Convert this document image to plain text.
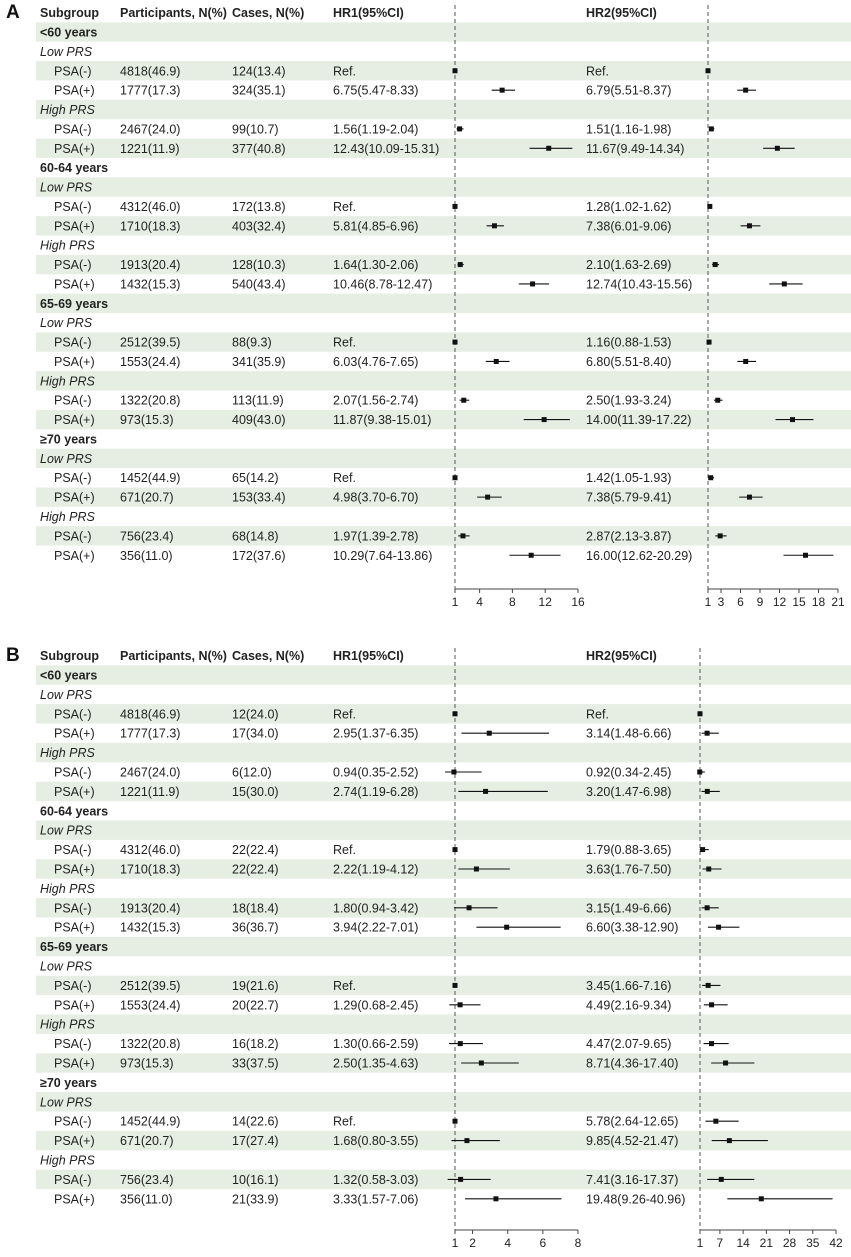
A Subgroup Participants, N(%) Cases, N(%) HR1(95%CI)	HR2(95%CI)
<60 years
Low PRS
PSA(-) 4818(46.9)	124(13.4)	Ref.	Ref.
PSA(+) 1777(17.3)	324(35.1)	6.75(5.47-8.33)	6.79(5.51-8.37)
High PRS
PSA(-) 2467(24.0)	99(10.7)	1.56(1.19-2.04)	1.51(1.16-1.98)
PSA(+) 1221(11.9)	377(40.8)	12.43(10.09-15.31)	11.67(9.49-14.34)
60-64 years
Low PRS
PSA(-) 4312(46.0)	172(13.8)	Ref.	1.28(1.02-1.62)
PSA(+) 1710(18.3)	403(32.4)	5.81(4.85-6.96)	7.38(6.01-9.06)
High PRS
PSA(-) 1913(20.4)	128(10.3)	1.64(1.30-2.06)	2.10(1.63-2.69)
PSA(+) 1432(15.3)	540(43.4)	10.46(8.78-12.47)	12.74(10.43-15.56)
65-69 years
Low PRS
PSA(-) 2512(39.5)	88(9.3)	Ref.	1.16(0.88-1.53)
PSA(+) 1553(24.4)	341(35.9)	6.03(4.76-7.65)	6.80(5.51-8.40)
High PRS
PSA(-) 1322(20.8)	113(11.9)	2.07(1.56-2.74)	2.50(1.93-3.24)
PSA(+) 973(15.3)	409(43.0)	11.87(9.38-15.01)	14.00(11.39-17.22)
≥70 years
Low PRS
PSA(-) 1452(44.9)	65(14.2)	Ref.	1.42(1.05-1.93)
PSA(+) 671(20.7)	153(33.4)	4.98(3.70-6.70)	7.38(5.79-9.41)
High PRS
PSA(-) 756(23.4)	68(14.8)	1.97(1.39-2.78)	2.87(2.13-3.87)
PSA(+) 356(11.0)	172(37.6)	10.29(7.64-13.86)	16.00(12.62-20.29)
1 4 8 12 16	1 3 6 9 12 15 18 21
B Subgroup Participants, N(%) Cases, N(%) HR1(95%CI)	HR2(95%CI)
<60 years
Low PRS
PSA(-) 4818(46.9)	12(24.0)	Ref.	Ref.
PSA(+) 1777(17.3)	17(34.0)	2.95(1.37-6.35)	3.14(1.48-6.66)
High PRS
PSA(-) 2467(24.0)	6(12.0)	0.94(0.35-2.52)	0.92(0.34-2.45)
PSA(+) 1221(11.9)	15(30.0)	2.74(1.19-6.28)	3.20(1.47-6.98)
60-64 years
Low PRS
PSA(-) 4312(46.0)	22(22.4)	Ref.	1.79(0.88-3.65)
PSA(+) 1710(18.3)	22(22.4)	2.22(1.19-4.12)	3.63(1.76-7.50)
High PRS
PSA(-) 1913(20.4)	18(18.4)	1.80(0.94-3.42)	3.15(1.49-6.66)
PSA(+) 1432(15.3)	36(36.7)	3.94(2.22-7.01)	6.60(3.38-12.90)
65-69 years
Low PRS
PSA(-) 2512(39.5)	19(21.6)	Ref.	3.45(1.66-7.16)
PSA(+) 1553(24.4)	20(22.7)	1.29(0.68-2.45)	4.49(2.16-9.34)
High PRS
PSA(-) 1322(20.8)	16(18.2)	1.30(0.66-2.59)	4.47(2.07-9.65)
PSA(+) 973(15.3)	33(37.5)	2.50(1.35-4.63)	8.71(4.36-17.40)
≥70 years
Low PRS
PSA(-) 1452(44.9)	14(22.6)	Ref.	5.78(2.64-12.65)
PSA(+) 671(20.7)	17(27.4)	1.68(0.80-3.55)	9.85(4.52-21.47)
High PRS
PSA(-) 756(23.4)	10(16.1)	1.32(0.58-3.03)	7.41(3.16-17.37)
PSA(+) 356(11.0)	21(33.9)	3.33(1.57-7.06)	19.48(9.26-40.96)
1 2 4 6 8	1 7 14 21 28 35 42
